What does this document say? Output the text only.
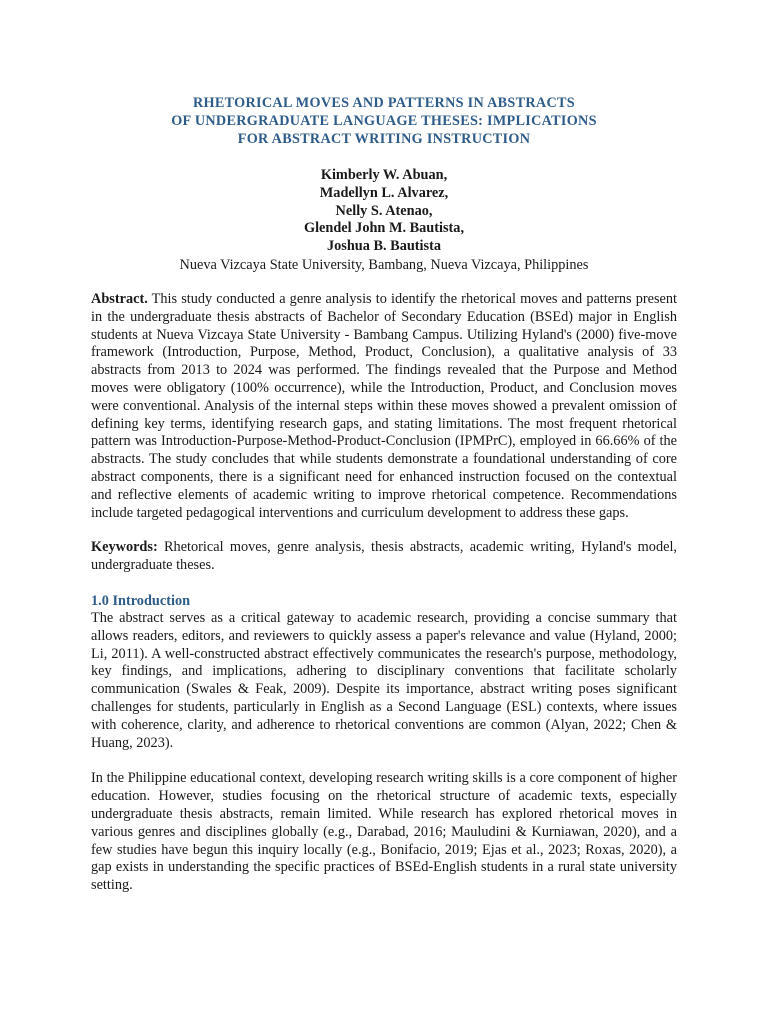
RHETORICAL MOVES AND PATTERNS IN ABSTRACTS
OF UNDERGRADUATE LANGUAGE THESES: IMPLICATIONS
FOR ABSTRACT WRITING INSTRUCTION
Kimberly W. Abuan,
Madellyn L. Alvarez,
Nelly S. Atenao,
Glendel John M. Bautista,
Joshua B. Bautista
Nueva Vizcaya State University, Bambang, Nueva Vizcaya, Philippines
Abstract. This study conducted a genre analysis to identify the rhetorical moves and patterns present in the undergraduate thesis abstracts of Bachelor of Secondary Education (BSEd) major in English students at Nueva Vizcaya State University - Bambang Campus. Utilizing Hyland's (2000) five-move framework (Introduction, Purpose, Method, Product, Conclusion), a qualitative analysis of 33 abstracts from 2013 to 2024 was performed. The findings revealed that the Purpose and Method moves were obligatory (100% occurrence), while the Introduction, Product, and Conclusion moves were conventional. Analysis of the internal steps within these moves showed a prevalent omission of defining key terms, identifying research gaps, and stating limitations. The most frequent rhetorical pattern was Introduction-Purpose-Method-Product-Conclusion (IPMPrC), employed in 66.66% of the abstracts. The study concludes that while students demonstrate a foundational understanding of core abstract components, there is a significant need for enhanced instruction focused on the contextual and reflective elements of academic writing to improve rhetorical competence. Recommendations include targeted pedagogical interventions and curriculum development to address these gaps.
Keywords: Rhetorical moves, genre analysis, thesis abstracts, academic writing, Hyland's model, undergraduate theses.
1.0 Introduction
The abstract serves as a critical gateway to academic research, providing a concise summary that allows readers, editors, and reviewers to quickly assess a paper's relevance and value (Hyland, 2000; Li, 2011). A well-constructed abstract effectively communicates the research's purpose, methodology, key findings, and implications, adhering to disciplinary conventions that facilitate scholarly communication (Swales & Feak, 2009). Despite its importance, abstract writing poses significant challenges for students, particularly in English as a Second Language (ESL) contexts, where issues with coherence, clarity, and adherence to rhetorical conventions are common (Alyan, 2022; Chen & Huang, 2023).
In the Philippine educational context, developing research writing skills is a core component of higher education. However, studies focusing on the rhetorical structure of academic texts, especially undergraduate thesis abstracts, remain limited. While research has explored rhetorical moves in various genres and disciplines globally (e.g., Darabad, 2016; Mauludini & Kurniawan, 2020), and a few studies have begun this inquiry locally (e.g., Bonifacio, 2019; Ejas et al., 2023; Roxas, 2020), a gap exists in understanding the specific practices of BSEd-English students in a rural state university setting.
